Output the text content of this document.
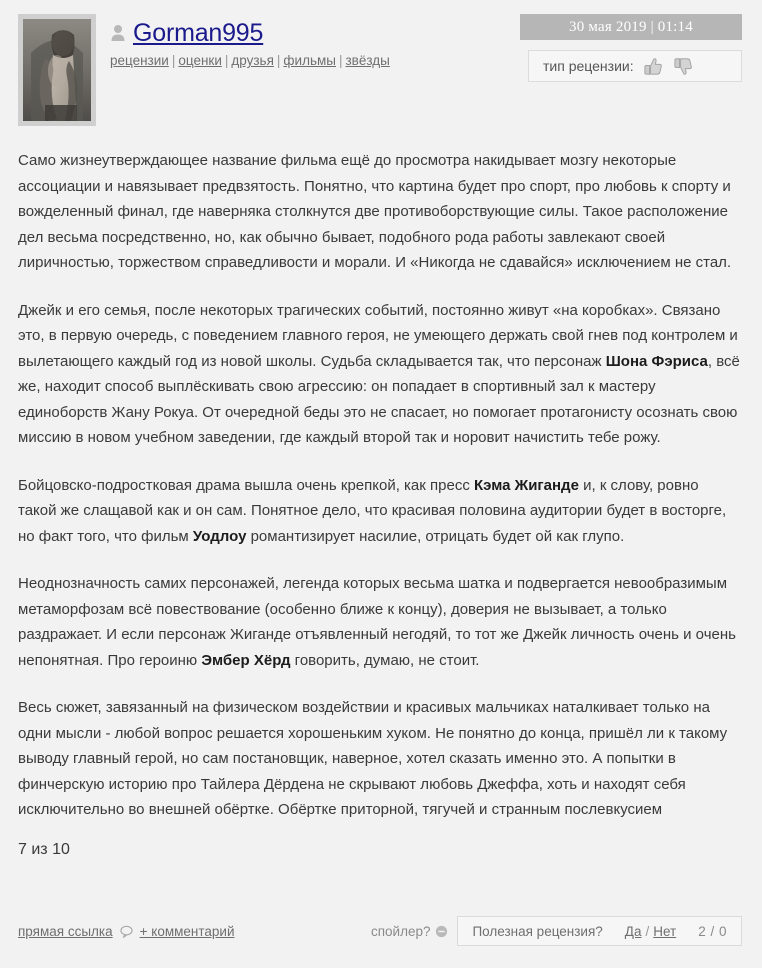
Gorman995
рецензии | оценки | друзья | фильмы | звёзды
30 мая 2019 | 01:14
тип рецензии:

Само жизнеутверждающее название фильма ещё до просмотра накидывает мозгу некоторые ассоциации и навязывает предвзятость. Понятно, что картина будет про спорт, про любовь к спорту и вожделенный финал, где наверняка столкнутся две противоборствующие силы. Такое расположение дел весьма посредственно, но, как обычно бывает, подобного рода работы завлекают своей лиричностью, торжеством справедливости и морали. И «Никогда не сдавайся» исключением не стал.

Джейк и его семья, после некоторых трагических событий, постоянно живут «на коробках». Связано это, в первую очередь, с поведением главного героя, не умеющего держать свой гнев под контролем и вылетающего каждый год из новой школы. Судьба складывается так, что персонаж Шона Фэриса, всё же, находит способ выплёскивать свою агрессию: он попадает в спортивный зал к мастеру единоборств Жану Рокуа. От очередной беды это не спасает, но помогает протагонисту осознать свою миссию в новом учебном заведении, где каждый второй так и норовит начистить тебе рожу.

Бойцовско-подростковая драма вышла очень крепкой, как пресс Кэма Жиганде и, к слову, ровно такой же слащавой как и он сам. Понятное дело, что красивая половина аудитории будет в восторге, но факт того, что фильм Уодлоу романтизирует насилие, отрицать будет ой как глупо.

Неоднозначность самих персонажей, легенда которых весьма шатка и подвергается невообразимым метаморфозам всё повествование (особенно ближе к концу), доверия не вызывает, а только раздражает. И если персонаж Жиганде отъявленный негодяй, то тот же Джейк личность очень и очень непонятная. Про героиню Эмбер Хёрд говорить, думаю, не стоит.

Весь сюжет, завязанный на физическом воздействии и красивых мальчиках наталкивает только на одни мысли - любой вопрос решается хорошеньким хуком. Не понятно до конца, пришёл ли к такому выводу главный герой, но сам постановщик, наверное, хотел сказать именно это. А попытки в финчерскую историю про Тайлера Дёрдена не скрывают любовь Джеффа, хоть и находят себя исключительно во внешней обёртке. Обёртке приторной, тягучей и странным послевкусием

7 из 10
прямая ссылка + комментарий	спойлер?	Полезная рецензия? Да / Нет 2 / 0
